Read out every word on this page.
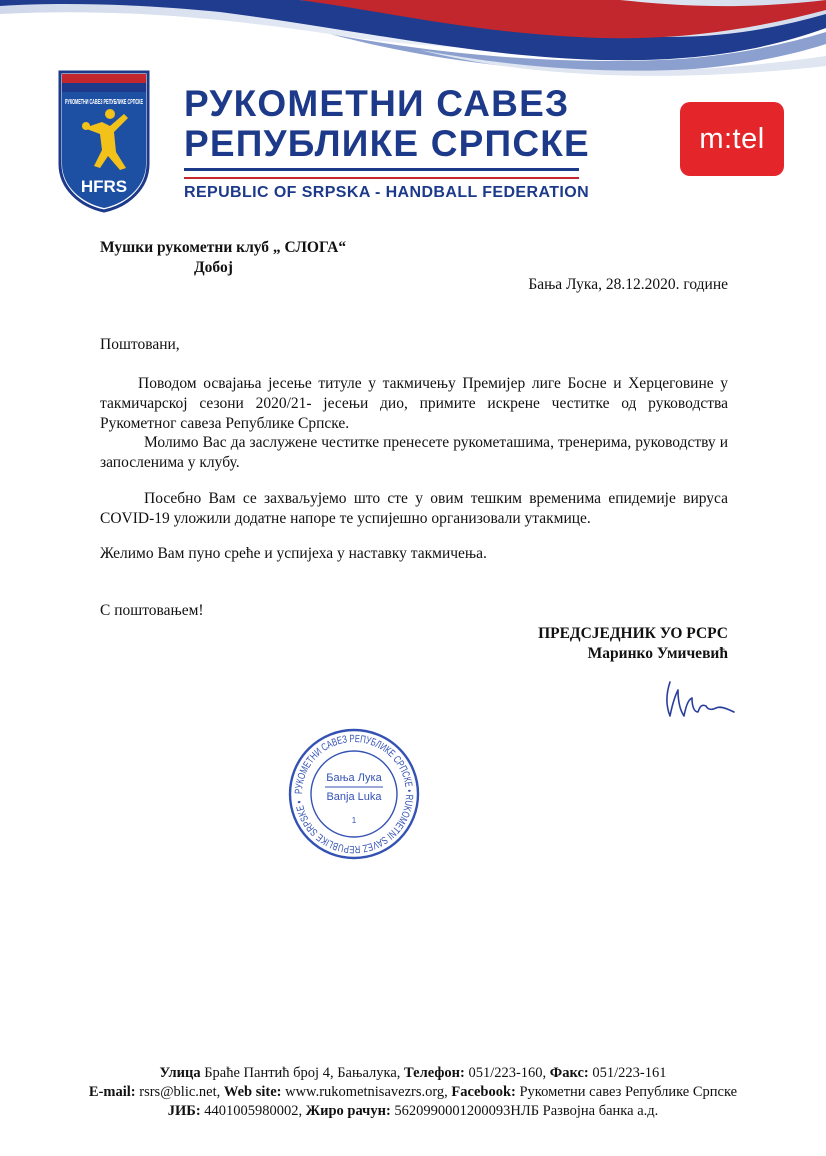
РУКОМЕТНИ САВЕЗ РЕПУБЛИКЕ СРПСКЕ
HFRS
РУКОМЕТНИ САВЕЗ
РЕПУБЛИКЕ СРПСКЕ
REPUBLIC OF SRPSKA - HANDBALL FEDERATION
m:tel
Мушки рукометни клуб „ СЛОГА“
Добој
Бања Лука, 28.12.2020. године
Поштовани,

Поводом освајања јесење титуле у такмичењу Премијер лиге Босне и Херцеговине у такмичарској сезони 2020/21- јесењи дио, примите искрене честитке од руководства Рукометног савеза Републике Српске.

Молимо Вас да заслужене честитке пренесете рукометашима, тренерима, руководству и запосленима у клубу.

Посебно Вам се захваљујемо што сте у овим тешким временима епидемије вируса COVID-19 уложили додатне напоре те успијешно организовали утакмице.

Желимо Вам пуно среће и успијеха у наставку такмичења.

С поштовањем!
ПРЕДСЈЕДНИК УО РСРС
Маринко Умичевић
РУКОМЕТНИ САВЕЗ РЕПУБЛИКЕ СРПСКЕ • RUKOMETNI SAVEZ REPUBLIKE SRPSKE •
Бања Лука
Banja Luka
1
Улица Браће Пантић број 4, Бањалука, Телефон: 051/223-160, Факс: 051/223-161
E-mail: rsrs@blic.net, Web site: www.rukometnisavezrs.org, Facebook: Рукометни савез Републике Српске
ЈИБ: 4401005980002, Жиро рачун: 5620990001200093НЛБ Развојна банка а.д.
